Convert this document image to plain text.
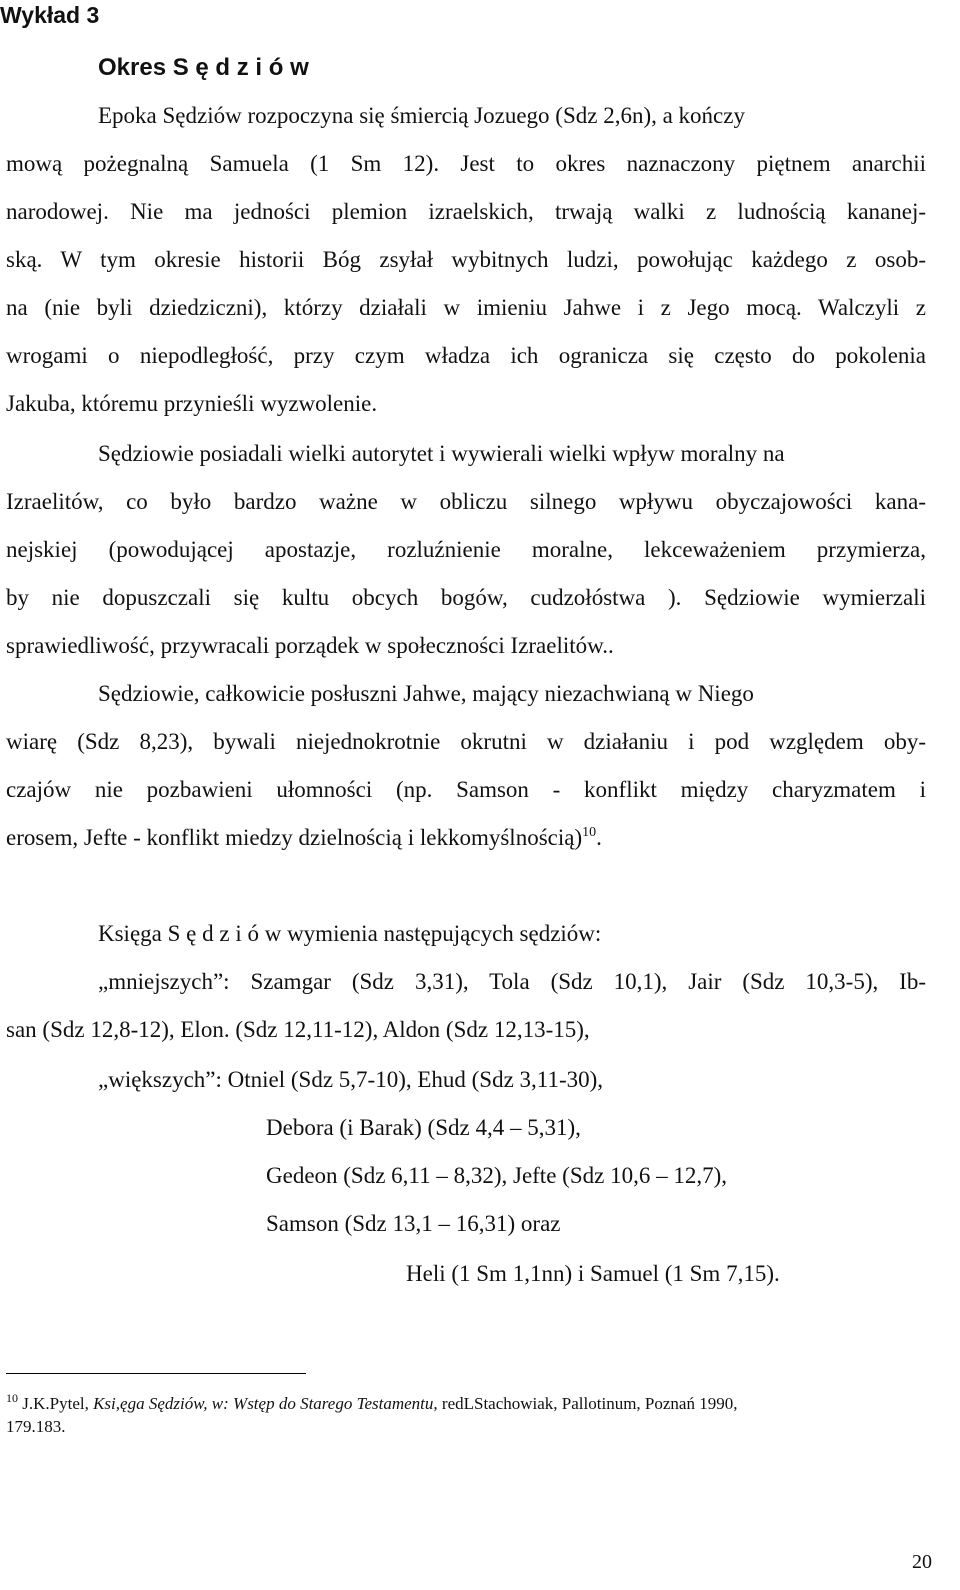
Wykład 3
Okres S ę d z i ó w
Epoka Sędziów rozpoczyna się śmiercią Jozuego (Sdz 2,6n), a kończy
mową pożegnalną Samuela (1 Sm 12). Jest to okres naznaczony piętnem anarchii
narodowej. Nie ma jedności plemion izraelskich, trwają walki z ludnością kananej-
ską. W tym okresie historii Bóg zsyłał wybitnych ludzi, powołując każdego z osob-
na (nie byli dziedziczni), którzy działali w imieniu Jahwe i z Jego mocą. Walczyli z
wrogami o niepodległość, przy czym władza ich ogranicza się często do pokolenia
Jakuba, któremu przynieśli wyzwolenie.
Sędziowie posiadali wielki autorytet i wywierali wielki wpływ moralny na
Izraelitów, co było bardzo ważne w obliczu silnego wpływu obyczajowości kana-
nejskiej (powodującej apostazje, rozluźnienie moralne, lekceważeniem przymierza,
by nie dopuszczali się kultu obcych bogów, cudzołóstwa ). Sędziowie wymierzali
sprawiedliwość, przywracali porządek w społeczności Izraelitów..
Sędziowie, całkowicie posłuszni Jahwe, mający niezachwianą w Niego
wiarę (Sdz 8,23), bywali niejednokrotnie okrutni w działaniu i pod względem oby-
czajów nie pozbawieni ułomności (np. Samson - konflikt między charyzmatem i
erosem, Jefte - konflikt miedzy dzielnością i lekkomyślnością)$^{10}$.
Księga S ę d z i ó w wymienia następujących sędziów:
„mniejszych”: Szamgar (Sdz 3,31), Tola (Sdz 10,1), Jair (Sdz 10,3-5), Ib-
san (Sdz 12,8-12), Elon. (Sdz 12,11-12), Aldon (Sdz 12,13-15),
„większych”: Otniel (Sdz 5,7-10), Ehud (Sdz 3,11-30),
Debora (i Barak) (Sdz 4,4 – 5,31),
Gedeon (Sdz 6,11 – 8,32), Jefte (Sdz 10,6 – 12,7),
Samson (Sdz 13,1 – 16,31) oraz
Heli (1 Sm 1,1nn) i Samuel (1 Sm 7,15).
$^{10}$ J.K.Pytel, Ksi,ęga Sędziów, w: Wstęp do Starego Testamentu, redLStachowiak, Pallotinum, Poznań 1990,
179.183.
20
